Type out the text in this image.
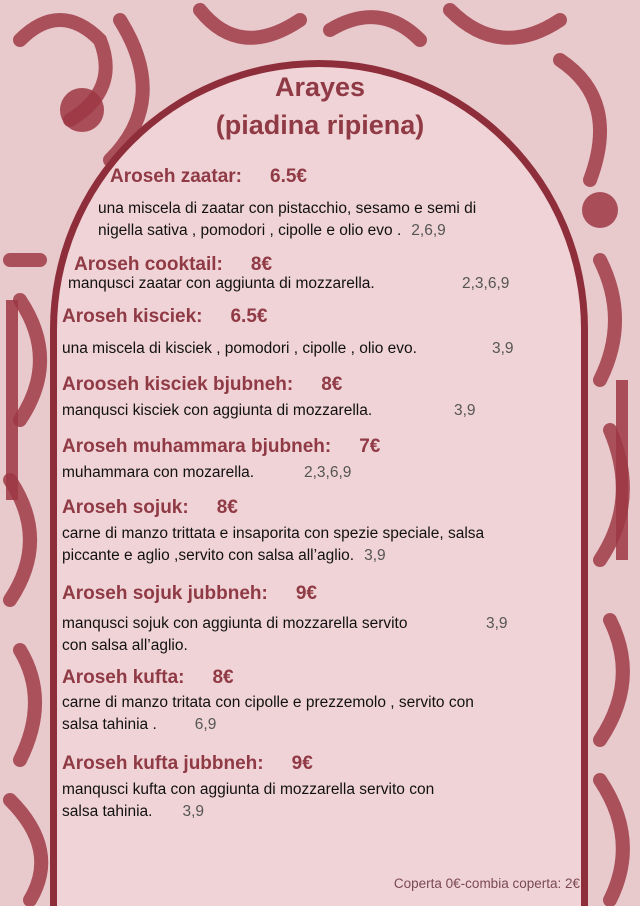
Arayes
(piadina ripiena)
Aroseh zaatar: 6.5€
una miscela di zaatar con pistacchio, sesamo e semi di
nigella sativa , pomodori , cipolle e olio evo . 2,6,9
Aroseh cooktail: 8€
manqusci zaatar con aggiunta di mozzarella.	2,3,6,9
Aroseh kisciek: 6.5€
una miscela di kisciek , pomodori , cipolle , olio evo.	3,9
Arooseh kisciek bjubneh: 8€
manqusci kisciek con aggiunta di mozzarella.	3,9
Aroseh muhammara bjubneh: 7€
muhammara con mozarella.	2,3,6,9
Aroseh sojuk: 8€
carne di manzo trittata e insaporita con spezie speciale, salsa
piccante e aglio ,servito con salsa all’aglio. 3,9
Aroseh sojuk jubbneh: 9€
manqusci sojuk con aggiunta di mozzarella servito	3,9
con salsa all’aglio.
Aroseh kufta: 8€
carne di manzo tritata con cipolle e prezzemolo , servito con
salsa tahinia . 6,9
Aroseh kufta jubbneh: 9€
manqusci kufta con aggiunta di mozzarella servito con
salsa tahinia. 3,9
Coperta 0€-combia coperta: 2€
